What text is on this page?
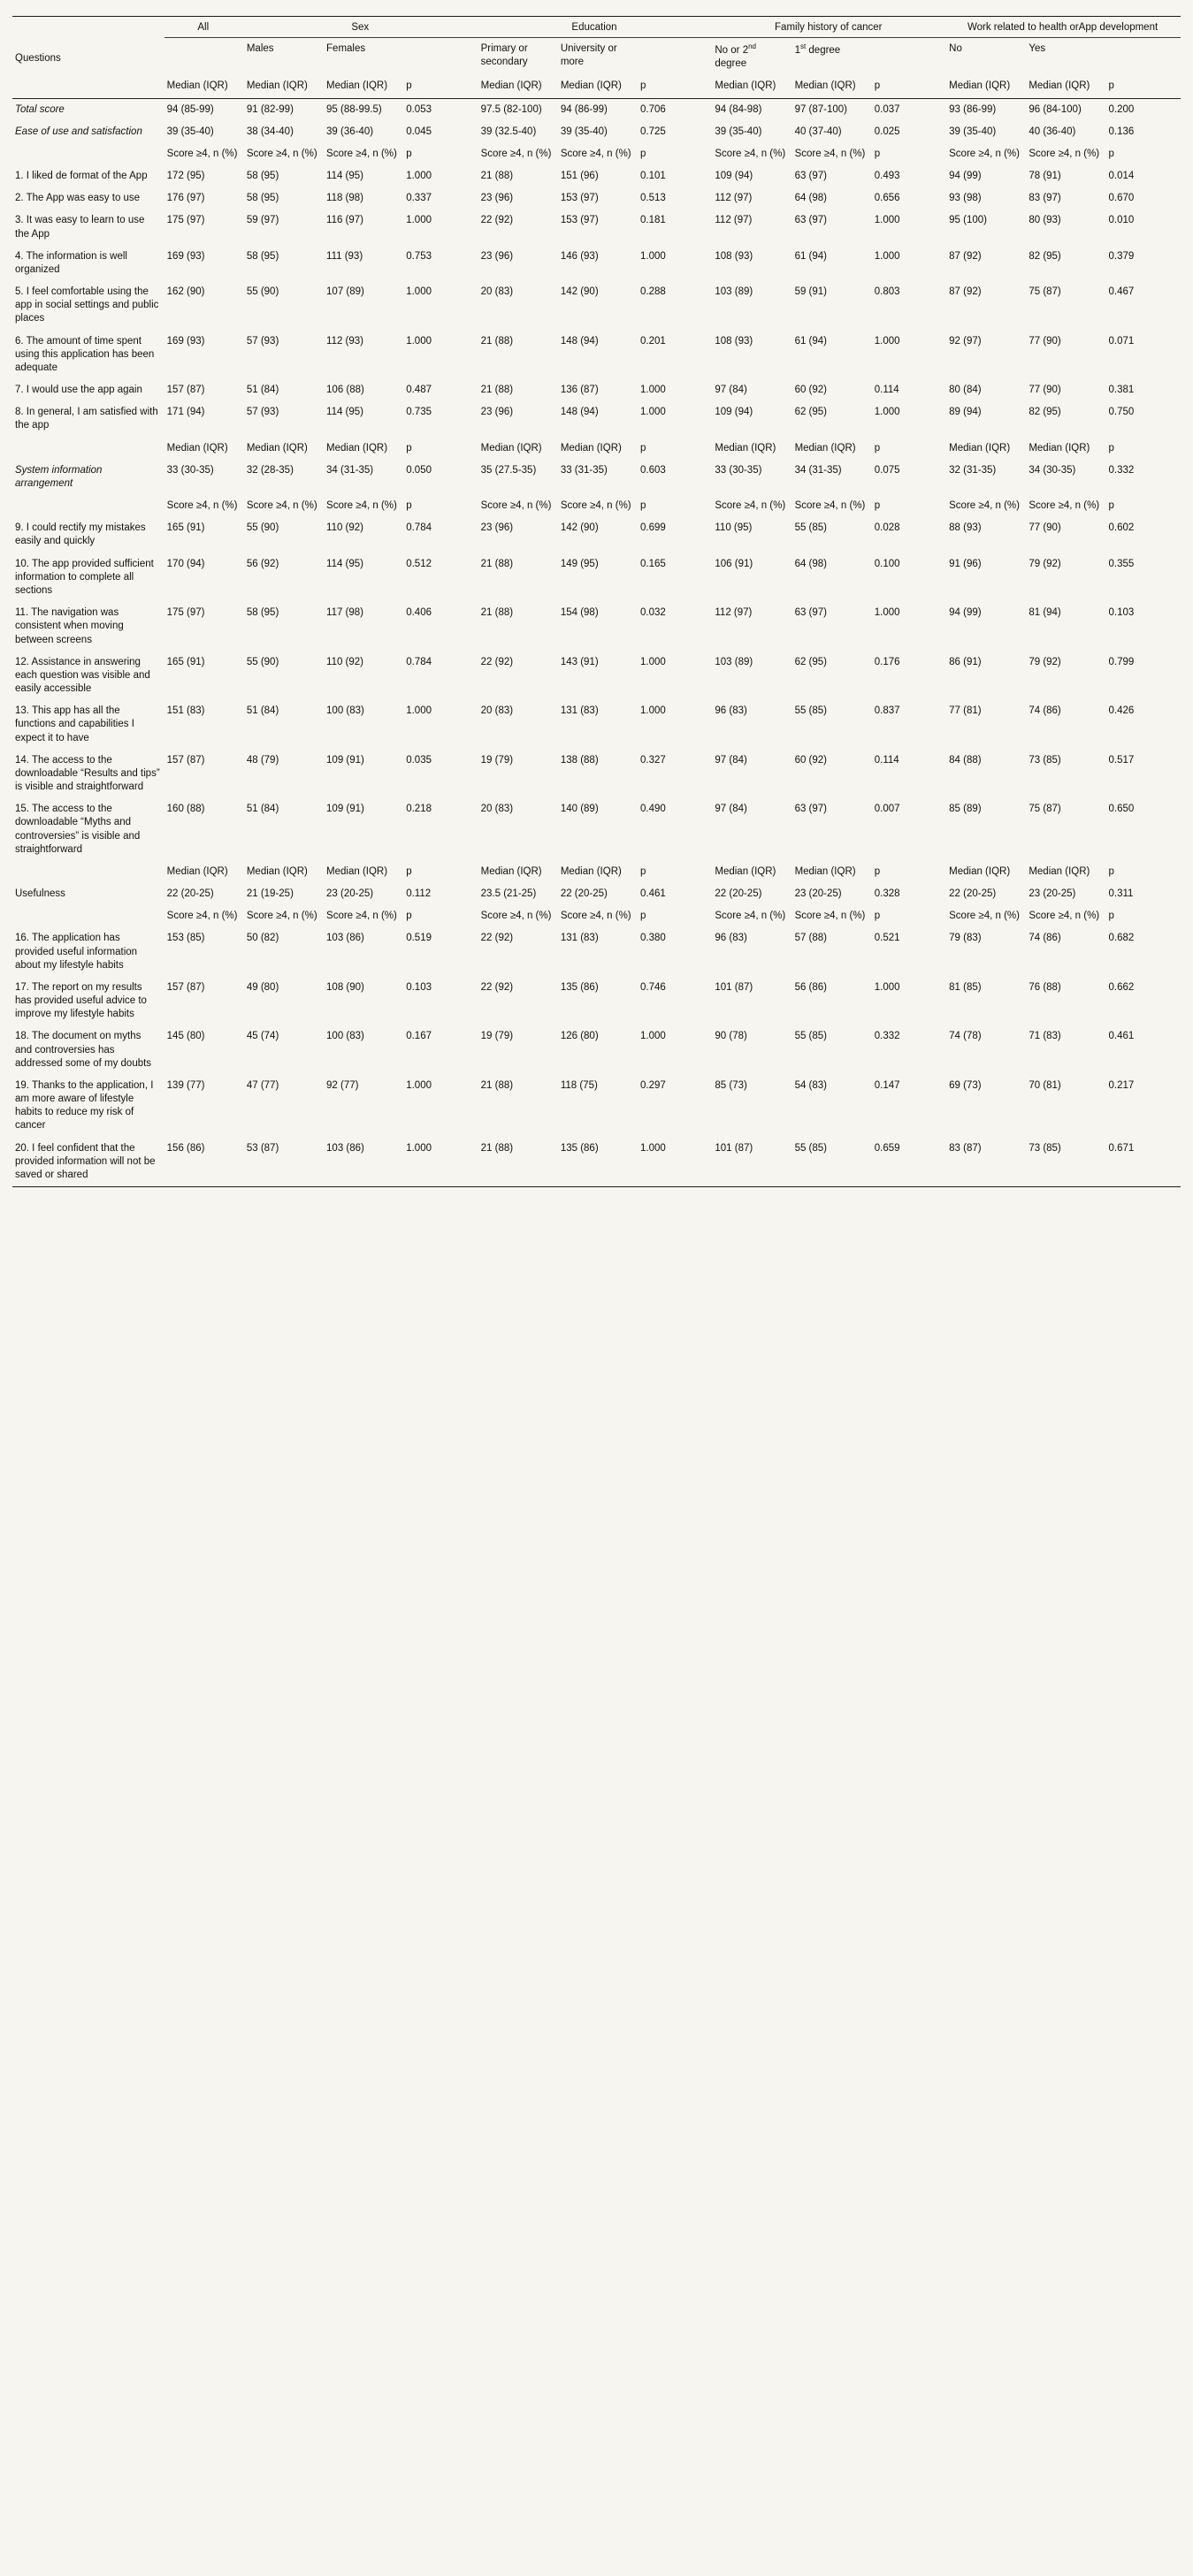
	All	Sex			Education			Family history of cancer			Work related to health orApp development		
Questions		Males	Females		Primary or secondary	University or more		No or 2nd degree	1st degree		No	Yes	
	Median (IQR)	Median (IQR)	Median (IQR)	p	Median (IQR)	Median (IQR)	p	Median (IQR)	Median (IQR)	p	Median (IQR)	Median (IQR)	p
Total score	94 (85-99)	91 (82-99)	95 (88-99.5)	0.053	97.5 (82-100)	94 (86-99)	0.706	94 (84-98)	97 (87-100)	0.037	93 (86-99)	96 (84-100)	0.200
Ease of use and satisfaction	39 (35-40)	38 (34-40)	39 (36-40)	0.045	39 (32.5-40)	39 (35-40)	0.725	39 (35-40)	40 (37-40)	0.025	39 (35-40)	40 (36-40)	0.136
	Score ≥4, n (%)	Score ≥4, n (%)	Score ≥4, n (%)	p	Score ≥4, n (%)	Score ≥4, n (%)	p	Score ≥4, n (%)	Score ≥4, n (%)	p	Score ≥4, n (%)	Score ≥4, n (%)	p
1. I liked de format of the App	172 (95)	58 (95)	114 (95)	1.000	21 (88)	151 (96)	0.101	109 (94)	63 (97)	0.493	94 (99)	78 (91)	0.014
2. The App was easy to use	176 (97)	58 (95)	118 (98)	0.337	23 (96)	153 (97)	0.513	112 (97)	64 (98)	0.656	93 (98)	83 (97)	0.670
3. It was easy to learn to use the App	175 (97)	59 (97)	116 (97)	1.000	22 (92)	153 (97)	0.181	112 (97)	63 (97)	1.000	95 (100)	80 (93)	0.010
4. The information is well organized	169 (93)	58 (95)	111 (93)	0.753	23 (96)	146 (93)	1.000	108 (93)	61 (94)	1.000	87 (92)	82 (95)	0.379
5. I feel comfortable using the app in social settings and public places	162 (90)	55 (90)	107 (89)	1.000	20 (83)	142 (90)	0.288	103 (89)	59 (91)	0.803	87 (92)	75 (87)	0.467
6. The amount of time spent using this application has been adequate	169 (93)	57 (93)	112 (93)	1.000	21 (88)	148 (94)	0.201	108 (93)	61 (94)	1.000	92 (97)	77 (90)	0.071
7. I would use the app again	157 (87)	51 (84)	106 (88)	0.487	21 (88)	136 (87)	1.000	97 (84)	60 (92)	0.114	80 (84)	77 (90)	0.381
8. In general, I am satisfied with the app	171 (94)	57 (93)	114 (95)	0.735	23 (96)	148 (94)	1.000	109 (94)	62 (95)	1.000	89 (94)	82 (95)	0.750
	Median (IQR)	Median (IQR)	Median (IQR)	p	Median (IQR)	Median (IQR)	p	Median (IQR)	Median (IQR)	p	Median (IQR)	Median (IQR)	p
System information arrangement	33 (30-35)	32 (28-35)	34 (31-35)	0.050	35 (27.5-35)	33 (31-35)	0.603	33 (30-35)	34 (31-35)	0.075	32 (31-35)	34 (30-35)	0.332
	Score ≥4, n (%)	Score ≥4, n (%)	Score ≥4, n (%)	p	Score ≥4, n (%)	Score ≥4, n (%)	p	Score ≥4, n (%)	Score ≥4, n (%)	p	Score ≥4, n (%)	Score ≥4, n (%)	p
9. I could rectify my mistakes easily and quickly	165 (91)	55 (90)	110 (92)	0.784	23 (96)	142 (90)	0.699	110 (95)	55 (85)	0.028	88 (93)	77 (90)	0.602
10. The app provided sufficient information to complete all sections	170 (94)	56 (92)	114 (95)	0.512	21 (88)	149 (95)	0.165	106 (91)	64 (98)	0.100	91 (96)	79 (92)	0.355
11. The navigation was consistent when moving between screens	175 (97)	58 (95)	117 (98)	0.406	21 (88)	154 (98)	0.032	112 (97)	63 (97)	1.000	94 (99)	81 (94)	0.103
12. Assistance in answering each question was visible and easily accessible	165 (91)	55 (90)	110 (92)	0.784	22 (92)	143 (91)	1.000	103 (89)	62 (95)	0.176	86 (91)	79 (92)	0.799
13. This app has all the functions and capabilities I expect it to have	151 (83)	51 (84)	100 (83)	1.000	20 (83)	131 (83)	1.000	96 (83)	55 (85)	0.837	77 (81)	74 (86)	0.426
14. The access to the downloadable “Results and tips” is visible and straightforward	157 (87)	48 (79)	109 (91)	0.035	19 (79)	138 (88)	0.327	97 (84)	60 (92)	0.114	84 (88)	73 (85)	0.517
15. The access to the downloadable “Myths and controversies” is visible and straightforward	160 (88)	51 (84)	109 (91)	0.218	20 (83)	140 (89)	0.490	97 (84)	63 (97)	0.007	85 (89)	75 (87)	0.650
	Median (IQR)	Median (IQR)	Median (IQR)	p	Median (IQR)	Median (IQR)	p	Median (IQR)	Median (IQR)	p	Median (IQR)	Median (IQR)	p
Usefulness	22 (20-25)	21 (19-25)	23 (20-25)	0.112	23.5 (21-25)	22 (20-25)	0.461	22 (20-25)	23 (20-25)	0.328	22 (20-25)	23 (20-25)	0.311
	Score ≥4, n (%)	Score ≥4, n (%)	Score ≥4, n (%)	p	Score ≥4, n (%)	Score ≥4, n (%)	p	Score ≥4, n (%)	Score ≥4, n (%)	p	Score ≥4, n (%)	Score ≥4, n (%)	p
16. The application has provided useful information about my lifestyle habits	153 (85)	50 (82)	103 (86)	0.519	22 (92)	131 (83)	0.380	96 (83)	57 (88)	0.521	79 (83)	74 (86)	0.682
17. The report on my results has provided useful advice to improve my lifestyle habits	157 (87)	49 (80)	108 (90)	0.103	22 (92)	135 (86)	0.746	101 (87)	56 (86)	1.000	81 (85)	76 (88)	0.662
18. The document on myths and controversies has addressed some of my doubts	145 (80)	45 (74)	100 (83)	0.167	19 (79)	126 (80)	1.000	90 (78)	55 (85)	0.332	74 (78)	71 (83)	0.461
19. Thanks to the application, I am more aware of lifestyle habits to reduce my risk of cancer	139 (77)	47 (77)	92 (77)	1.000	21 (88)	118 (75)	0.297	85 (73)	54 (83)	0.147	69 (73)	70 (81)	0.217
20. I feel confident that the provided information will not be saved or shared	156 (86)	53 (87)	103 (86)	1.000	21 (88)	135 (86)	1.000	101 (87)	55 (85)	0.659	83 (87)	73 (85)	0.671
